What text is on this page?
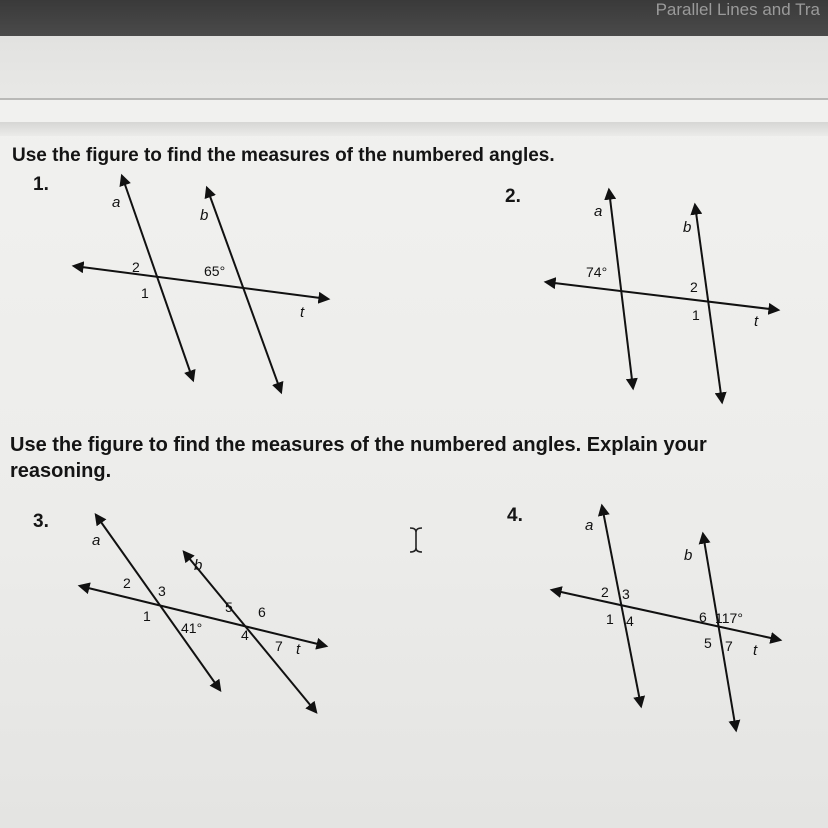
Parallel Lines and Tra
Use the figure to find the measures of the numbered angles.
Use the figure to find the measures of the numbered angles. Explain your reasoning.
1.
2.
3.	4.
a
b
t
2
1
65°
a
b
t
74°
2
1
a
b
t
2 3
1
41°
5 6
4
7
a
b
t
2 3
1 4	6 117°
5 7
